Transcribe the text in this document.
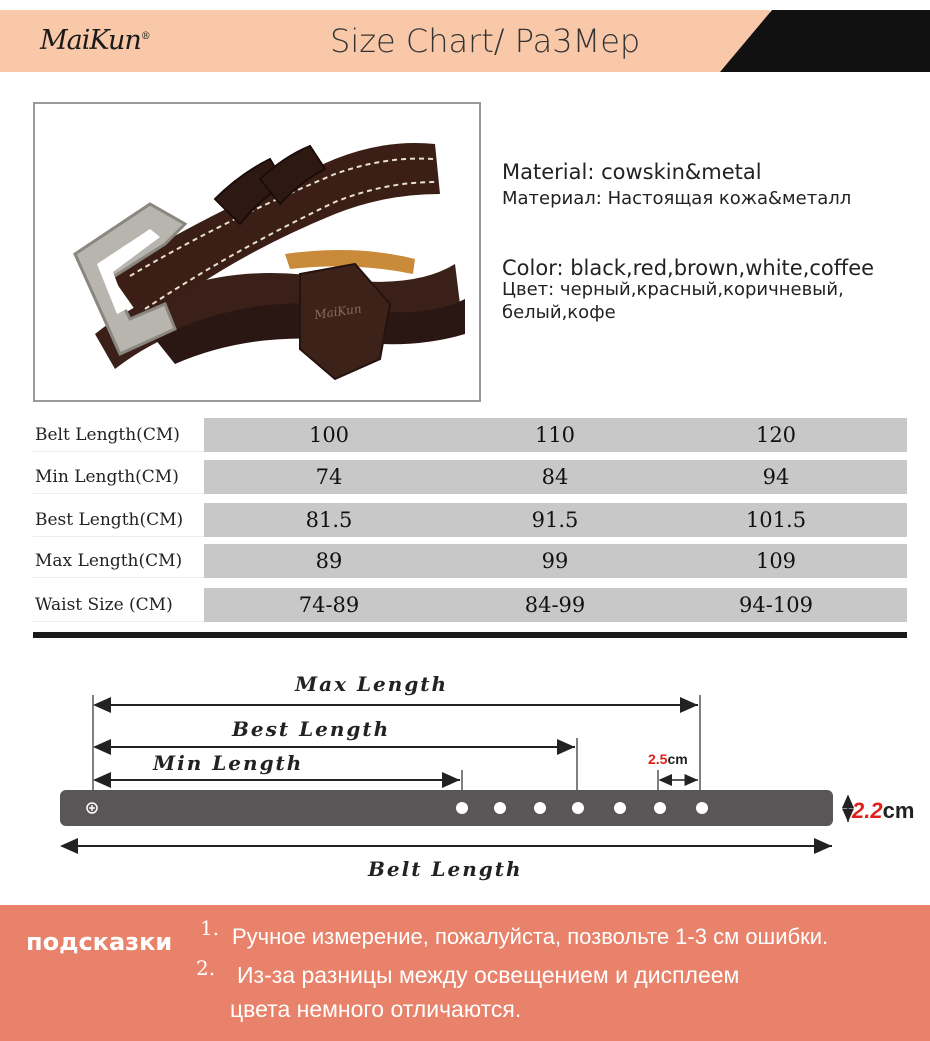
MaiKun®	Size Chart/ Pa3Mep
MaiKun
Material: cowskin&metal
Материал: Настоящая кожа&металл
Color: black,red,brown,white,coffee
Цвет: черный,красный,коричневый,
белый,кофе
Belt Length(CM)	100	110	120
Min Length(CM)	74	84	94
Best Length(CM)	81.5	91.5	101.5
Max Length(CM)	89	99	109
Waist Size (CM)	74-89	84-99	94-109
Max Length
Best Length
Min Length
Belt Length
2.5cm
2.2cm
подсказки 1. Ручное измерение, пожалуйста, позвольте 1-3 см ошибки.
2. Из-за разницы между освещением и дисплеем
цвета немного отличаются.
